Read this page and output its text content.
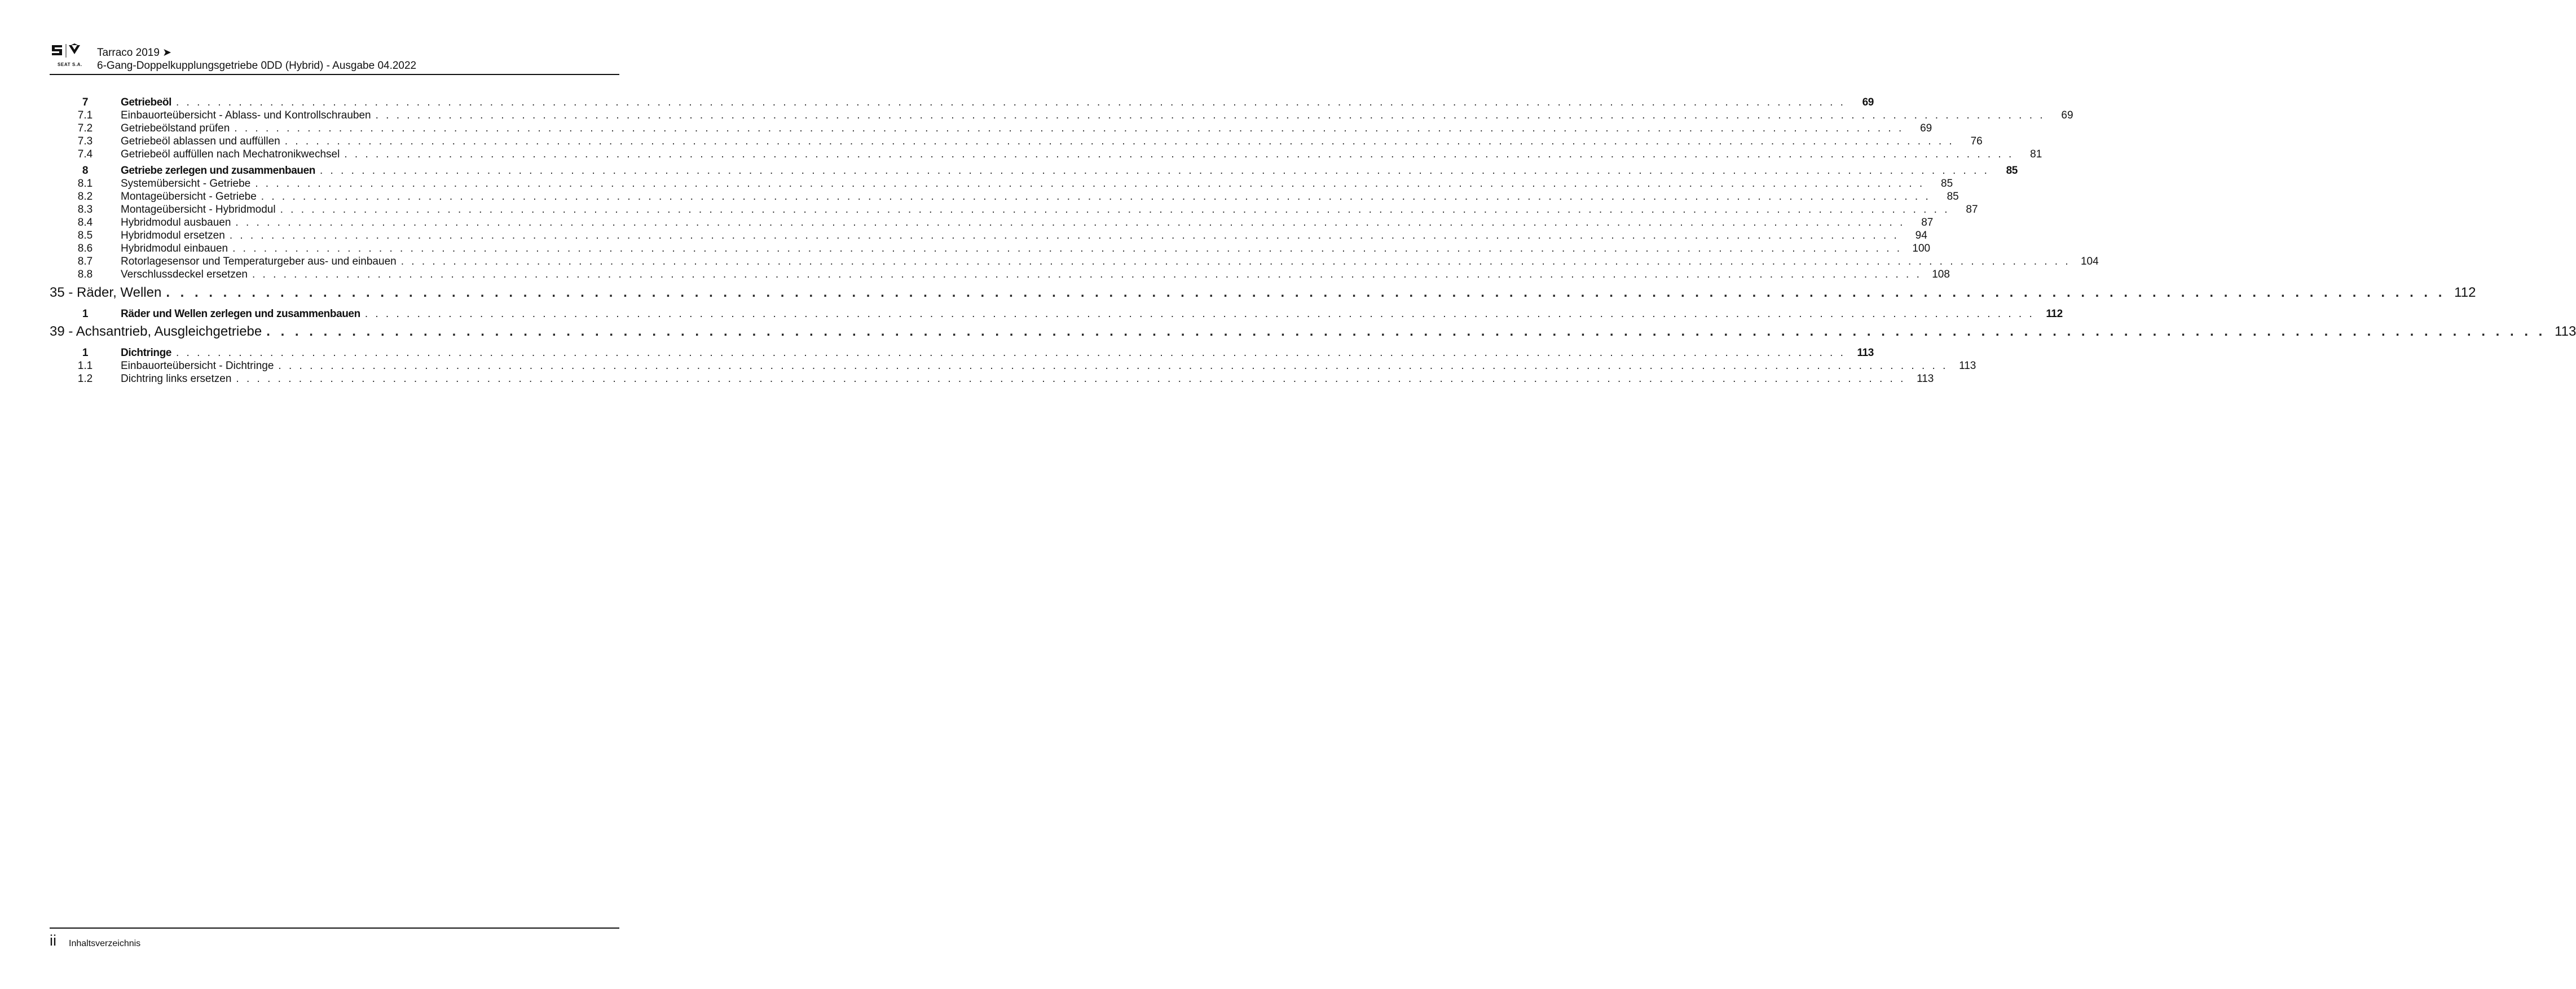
SEAT S.A.
Tarraco 2019 ➤
6-Gang-Doppelkupplungsgetriebe 0DD (Hybrid) - Ausgabe 04.2022
7	Getriebeöl . . . . . . . . . . . . . . . . . . . . . . . . . . . . . . . . . . . . . . . . . . . . . . . . . . . . . . . . . . . . . . . . . . . . . . . . . . . . . . . . . . . . . . . . . . . . . . . . . . . . . . . . . . . . . . . . . . . . . . . . . . . . . . . . . . . . . . . . . . . . . . . . . . . . . . . . . . . . . . . .	69
7.1	Einbauorteübersicht - Ablass- und Kontrollschrauben . . . . . . . . . . . . . . . . . . . . . . . . . . . . . . . . . . . . . . . . . . . . . . . . . . . . . . . . . . . . . . . . . . . . . . . . . . . . . . . . . . . . . . . . . . . . . . . . . . . . . . . . . . . . . . . . . . . . . . . . . . . . . . . . . . . . . . . . . . . . . . . . . . . . . . . . . . . . . . . .	69
7.2	Getriebeölstand prüfen . . . . . . . . . . . . . . . . . . . . . . . . . . . . . . . . . . . . . . . . . . . . . . . . . . . . . . . . . . . . . . . . . . . . . . . . . . . . . . . . . . . . . . . . . . . . . . . . . . . . . . . . . . . . . . . . . . . . . . . . . . . . . . . . . . . . . . . . . . . . . . . . . . . . . . . . . . . . . . . .	69
7.3	Getriebeöl ablassen und auffüllen . . . . . . . . . . . . . . . . . . . . . . . . . . . . . . . . . . . . . . . . . . . . . . . . . . . . . . . . . . . . . . . . . . . . . . . . . . . . . . . . . . . . . . . . . . . . . . . . . . . . . . . . . . . . . . . . . . . . . . . . . . . . . . . . . . . . . . . . . . . . . . . . . . . . . . . . . . . . . . . .	76
7.4	Getriebeöl auffüllen nach Mechatronikwechsel . . . . . . . . . . . . . . . . . . . . . . . . . . . . . . . . . . . . . . . . . . . . . . . . . . . . . . . . . . . . . . . . . . . . . . . . . . . . . . . . . . . . . . . . . . . . . . . . . . . . . . . . . . . . . . . . . . . . . . . . . . . . . . . . . . . . . . . . . . . . . . . . . . . . . . . . . . . . . . . .	81
8	Getriebe zerlegen und zusammenbauen . . . . . . . . . . . . . . . . . . . . . . . . . . . . . . . . . . . . . . . . . . . . . . . . . . . . . . . . . . . . . . . . . . . . . . . . . . . . . . . . . . . . . . . . . . . . . . . . . . . . . . . . . . . . . . . . . . . . . . . . . . . . . . . . . . . . . . . . . . . . . . . . . . . . . . . . . . . . . . . .	85
8.1	Systemübersicht - Getriebe . . . . . . . . . . . . . . . . . . . . . . . . . . . . . . . . . . . . . . . . . . . . . . . . . . . . . . . . . . . . . . . . . . . . . . . . . . . . . . . . . . . . . . . . . . . . . . . . . . . . . . . . . . . . . . . . . . . . . . . . . . . . . . . . . . . . . . . . . . . . . . . . . . . . . . . . . . . . . . . .	85
8.2	Montageübersicht - Getriebe . . . . . . . . . . . . . . . . . . . . . . . . . . . . . . . . . . . . . . . . . . . . . . . . . . . . . . . . . . . . . . . . . . . . . . . . . . . . . . . . . . . . . . . . . . . . . . . . . . . . . . . . . . . . . . . . . . . . . . . . . . . . . . . . . . . . . . . . . . . . . . . . . . . . . . . . . . . . . . . .	85
8.3	Montageübersicht - Hybridmodul . . . . . . . . . . . . . . . . . . . . . . . . . . . . . . . . . . . . . . . . . . . . . . . . . . . . . . . . . . . . . . . . . . . . . . . . . . . . . . . . . . . . . . . . . . . . . . . . . . . . . . . . . . . . . . . . . . . . . . . . . . . . . . . . . . . . . . . . . . . . . . . . . . . . . . . . . . . . . . . .	87
8.4	Hybridmodul ausbauen . . . . . . . . . . . . . . . . . . . . . . . . . . . . . . . . . . . . . . . . . . . . . . . . . . . . . . . . . . . . . . . . . . . . . . . . . . . . . . . . . . . . . . . . . . . . . . . . . . . . . . . . . . . . . . . . . . . . . . . . . . . . . . . . . . . . . . . . . . . . . . . . . . . . . . . . . . . . . . . .	87
8.5	Hybridmodul ersetzen . . . . . . . . . . . . . . . . . . . . . . . . . . . . . . . . . . . . . . . . . . . . . . . . . . . . . . . . . . . . . . . . . . . . . . . . . . . . . . . . . . . . . . . . . . . . . . . . . . . . . . . . . . . . . . . . . . . . . . . . . . . . . . . . . . . . . . . . . . . . . . . . . . . . . . . . . . . . . . . .	94
8.6	Hybridmodul einbauen . . . . . . . . . . . . . . . . . . . . . . . . . . . . . . . . . . . . . . . . . . . . . . . . . . . . . . . . . . . . . . . . . . . . . . . . . . . . . . . . . . . . . . . . . . . . . . . . . . . . . . . . . . . . . . . . . . . . . . . . . . . . . . . . . . . . . . . . . . . . . . . . . . . . . . . . . . . . . . . . 100
8.7	Rotorlagesensor und Temperaturgeber aus- und einbauen . . . . . . . . . . . . . . . . . . . . . . . . . . . . . . . . . . . . . . . . . . . . . . . . . . . . . . . . . . . . . . . . . . . . . . . . . . . . . . . . . . . . . . . . . . . . . . . . . . . . . . . . . . . . . . . . . . . . . . . . . . . . . . . . . . . . . . . . . . . . . . . . . . . . . . . . . . . . . . . . 104
8.8	Verschlussdeckel ersetzen . . . . . . . . . . . . . . . . . . . . . . . . . . . . . . . . . . . . . . . . . . . . . . . . . . . . . . . . . . . . . . . . . . . . . . . . . . . . . . . . . . . . . . . . . . . . . . . . . . . . . . . . . . . . . . . . . . . . . . . . . . . . . . . . . . . . . . . . . . . . . . . . . . . . . . . . . . . . . . . . 108
35 - Räder, Wellen . . . . . . . . . . . . . . . . . . . . . . . . . . . . . . . . . . . . . . . . . . . . . . . . . . . . . . . . . . . . . . . . . . . . . . . . . . . . . . . . . . . . . . . . . . . . . . . . . . . . . . . . . . . . . . . . . . . . . . . . . . . . . . . . . . . . . . . . . . . . . . . . . . . . . . . . . . . . . . . . 112
1	Räder und Wellen zerlegen und zusammenbauen . . . . . . . . . . . . . . . . . . . . . . . . . . . . . . . . . . . . . . . . . . . . . . . . . . . . . . . . . . . . . . . . . . . . . . . . . . . . . . . . . . . . . . . . . . . . . . . . . . . . . . . . . . . . . . . . . . . . . . . . . . . . . . . . . . . . . . . . . . . . . . . . . . . . . . . . . . . . . . . .	112
39 - Achsantrieb, Ausgleichgetriebe . . . . . . . . . . . . . . . . . . . . . . . . . . . . . . . . . . . . . . . . . . . . . . . . . . . . . . . . . . . . . . . . . . . . . . . . . . . . . . . . . . . . . . . . . . . . . . . . . . . . . . . . . . . . . . . . . . . . . . . . . . . . . . . . . . . . . . . . . . . . . . . . . . . . . . . . . . . . . . . . 113
1	Dichtringe . . . . . . . . . . . . . . . . . . . . . . . . . . . . . . . . . . . . . . . . . . . . . . . . . . . . . . . . . . . . . . . . . . . . . . . . . . . . . . . . . . . . . . . . . . . . . . . . . . . . . . . . . . . . . . . . . . . . . . . . . . . . . . . . . . . . . . . . . . . . . . . . . . . . . . . . . . . . . . . .	113
1.1	Einbauorteübersicht - Dichtringe . . . . . . . . . . . . . . . . . . . . . . . . . . . . . . . . . . . . . . . . . . . . . . . . . . . . . . . . . . . . . . . . . . . . . . . . . . . . . . . . . . . . . . . . . . . . . . . . . . . . . . . . . . . . . . . . . . . . . . . . . . . . . . . . . . . . . . . . . . . . . . . . . . . . . . . . . . . . . . . .	113
1.2	Dichtring links ersetzen . . . . . . . . . . . . . . . . . . . . . . . . . . . . . . . . . . . . . . . . . . . . . . . . . . . . . . . . . . . . . . . . . . . . . . . . . . . . . . . . . . . . . . . . . . . . . . . . . . . . . . . . . . . . . . . . . . . . . . . . . . . . . . . . . . . . . . . . . . . . . . . . . . . . . . . . . . . . . . . .	113
ii Inhaltsverzeichnis
